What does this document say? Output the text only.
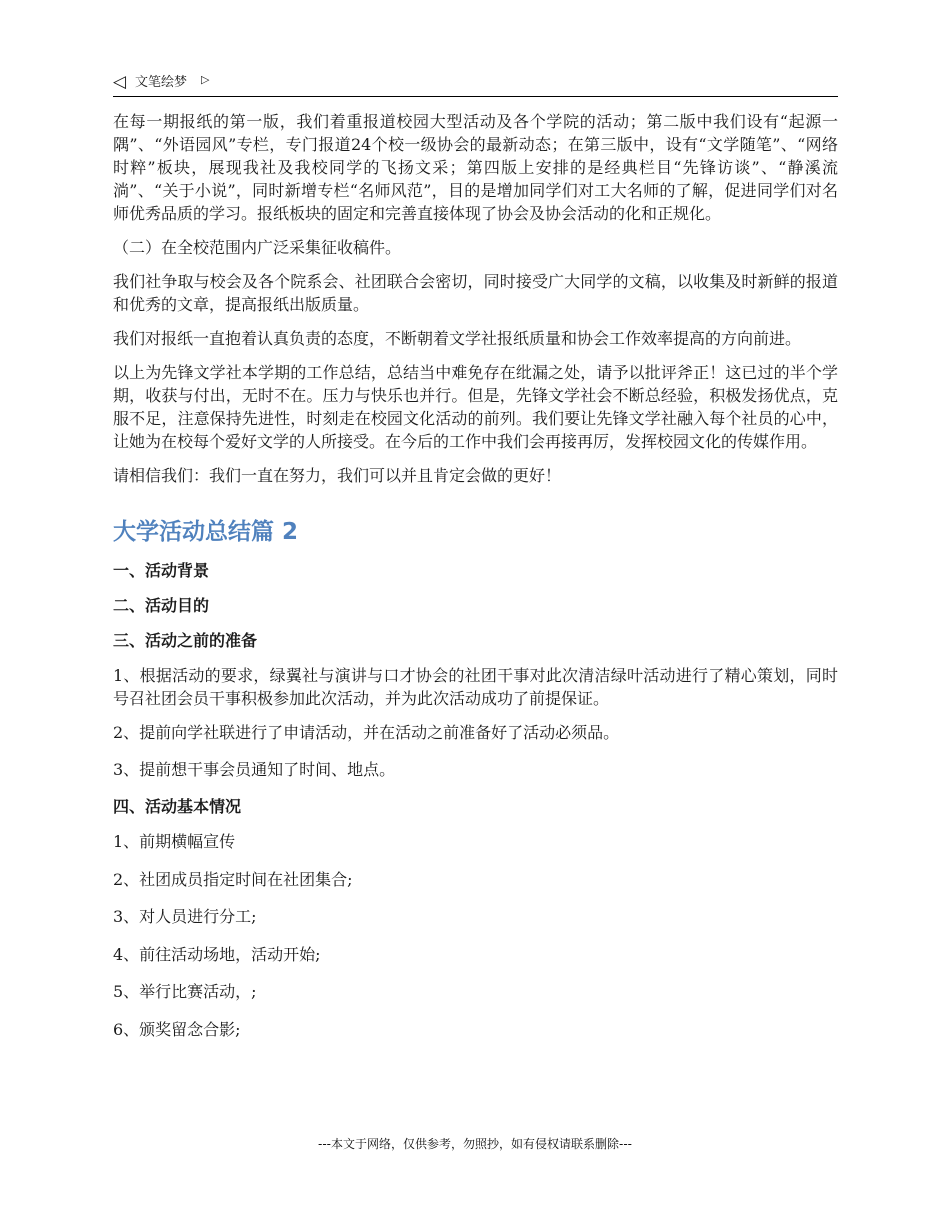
◁ 文笔绘梦 ▷

在每一期报纸的第一版，我们着重报道校园大型活动及各个学院的活动；第二版中我们设有“起源一隅”、“外语园风”专栏，专门报道24个校一级协会的最新动态；在第三版中，设有“文学随笔”、“网络时粹”板块，展现我社及我校同学的飞扬文采；第四版上安排的是经典栏目“先锋访谈”、“静溪流淌”、“关于小说”，同时新增专栏“名师风范”，目的是增加同学们对工大名师的了解，促进同学们对名师优秀品质的学习。报纸板块的固定和完善直接体现了协会及协会活动的化和正规化。

（二）在全校范围内广泛采集征收稿件。

我们社争取与校会及各个院系会、社团联合会密切，同时接受广大同学的文稿，以收集及时新鲜的报道和优秀的文章，提高报纸出版质量。

我们对报纸一直抱着认真负责的态度，不断朝着文学社报纸质量和协会工作效率提高的方向前进。

以上为先锋文学社本学期的工作总结，总结当中难免存在纰漏之处，请予以批评斧正！这已过的半个学期，收获与付出，无时不在。压力与快乐也并行。但是，先锋文学社会不断总经验，积极发扬优点，克服不足，注意保持先进性，时刻走在校园文化活动的前列。我们要让先锋文学社融入每个社员的心中，让她为在校每个爱好文学的人所接受。在今后的工作中我们会再接再厉，发挥校园文化的传媒作用。

请相信我们：我们一直在努力，我们可以并且肯定会做的更好！

大学活动总结篇 2

一、活动背景

二、活动目的

三、活动之前的准备

1、根据活动的要求，绿翼社与演讲与口才协会的社团干事对此次清洁绿叶活动进行了精心策划，同时号召社团会员干事积极参加此次活动，并为此次活动成功了前提保证。

2、提前向学社联进行了申请活动，并在活动之前准备好了活动必须品。

3、提前想干事会员通知了时间、地点。

四、活动基本情况

1、前期横幅宣传

2、社团成员指定时间在社团集合;

3、对人员进行分工;

4、前往活动场地，活动开始;

5、举行比赛活动，;

6、颁奖留念合影;

---本文于网络，仅供参考，勿照抄，如有侵权请联系删除---
